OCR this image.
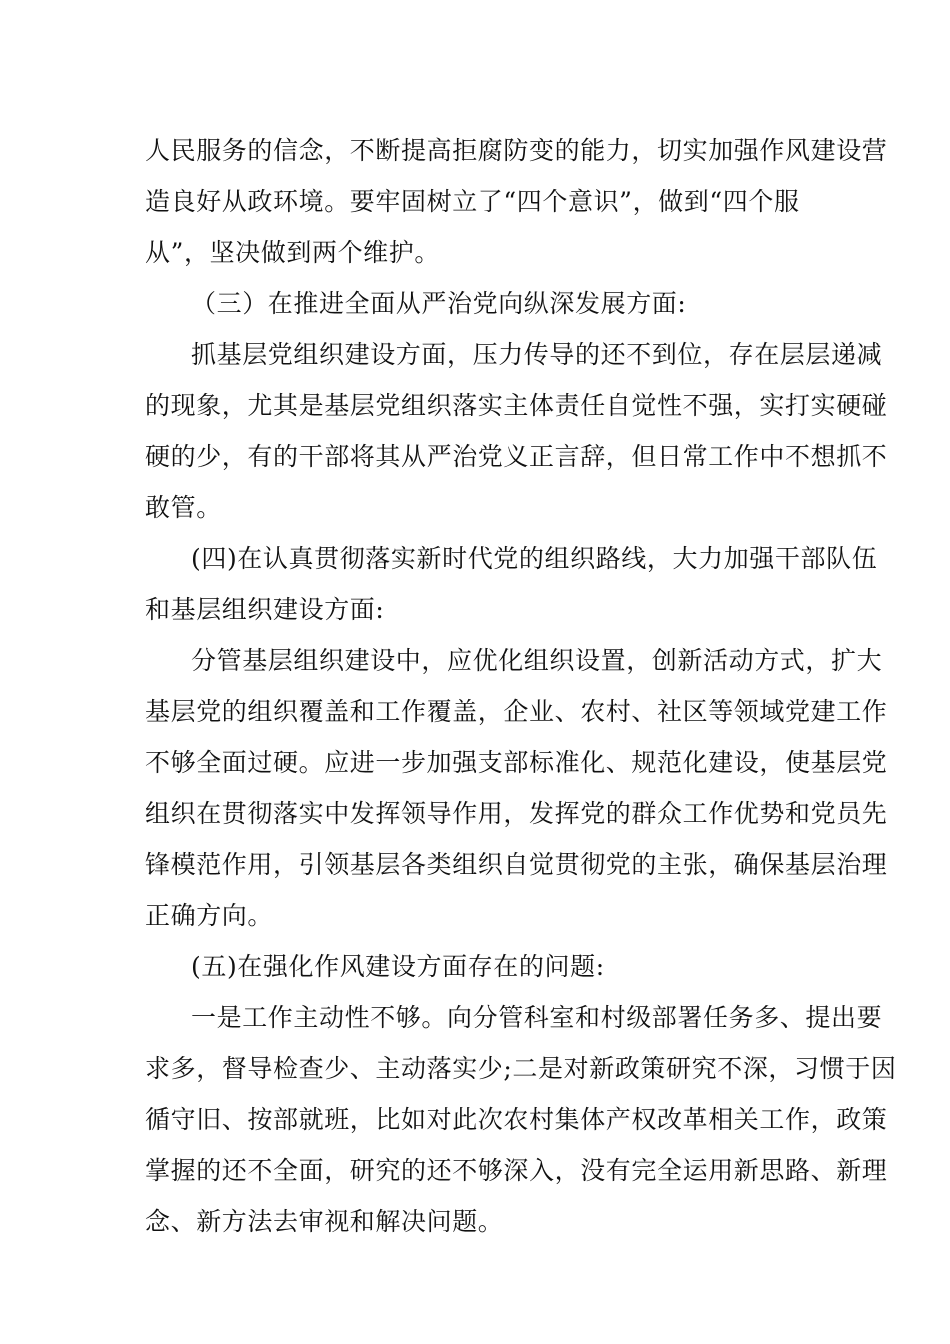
人民服务的信念，不断提高拒腐防变的能力，切实加强作风建设营
造良好从政环境。要牢固树立了“四个意识”，做到“四个服
从”，坚决做到两个维护。
（三）在推进全面从严治党向纵深发展方面:
抓基层党组织建设方面，压力传导的还不到位，存在层层递减
的现象，尤其是基层党组织落实主体责任自觉性不强，实打实硬碰
硬的少，有的干部将其从严治党义正言辞，但日常工作中不想抓不
敢管。
(四)在认真贯彻落实新时代党的组织路线，大力加强干部队伍
和基层组织建设方面:
分管基层组织建设中，应优化组织设置，创新活动方式，扩大
基层党的组织覆盖和工作覆盖，企业、农村、社区等领域党建工作
不够全面过硬。应进一步加强支部标准化、规范化建设，使基层党
组织在贯彻落实中发挥领导作用，发挥党的群众工作优势和党员先
锋模范作用，引领基层各类组织自觉贯彻党的主张，确保基层治理
正确方向。
(五)在强化作风建设方面存在的问题:
一是工作主动性不够。向分管科室和村级部署任务多、提出要
求多，督导检查少、主动落实少;二是对新政策研究不深，习惯于因
循守旧、按部就班，比如对此次农村集体产权改革相关工作，政策
掌握的还不全面，研究的还不够深入，没有完全运用新思路、新理
念、新方法去审视和解决问题。
